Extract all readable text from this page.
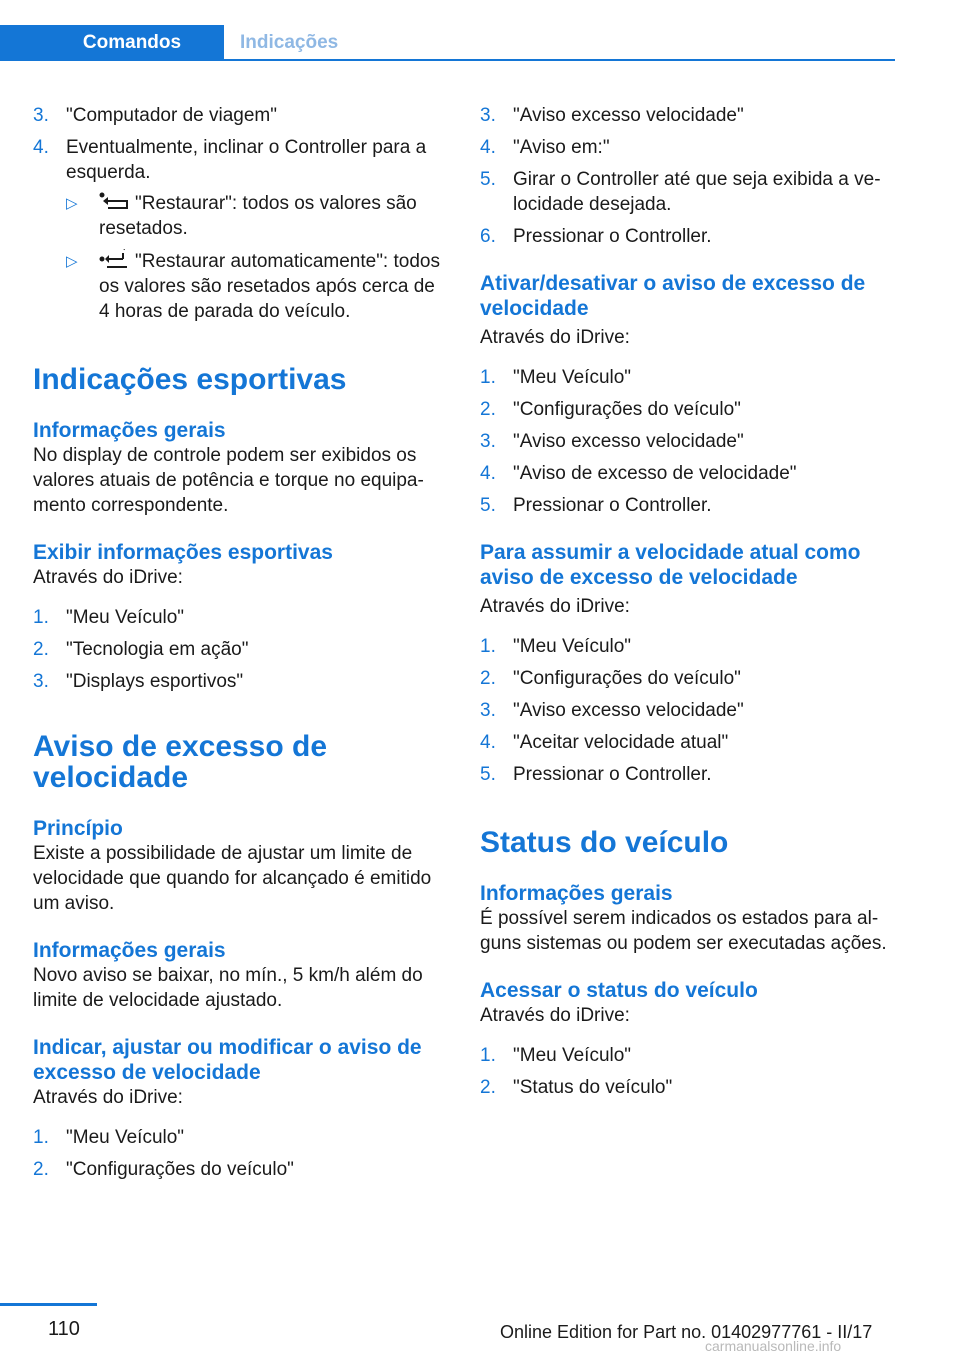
Comandos	Indicações
3. "Computador de viagem"
4. Eventualmente, inclinar o Controller para a esquerda.
▷	"Restaurar": todos os valores são resetados.
▷	"Restaurar automaticamente": todos os valores são resetados após cerca de 4 horas de parada do veículo.
Indicações esportivas
Informações gerais

No display de controle podem ser exibidos os valores atuais de potência e torque no equipamento correspondente.

Exibir informações esportivas

Através do iDrive:

1. "Meu Veículo"
2. "Tecnologia em ação"
3. "Displays esportivos"
Aviso de excesso de velocidade
Princípio

Existe a possibilidade de ajustar um limite de velocidade que quando for alcançado é emitido um aviso.

Informações gerais

Novo aviso se baixar, no mín., 5 km/h além do limite de velocidade ajustado.

Indicar, ajustar ou modificar o aviso de excesso de velocidade

Através do iDrive:

1. "Meu Veículo"
2. "Configurações do veículo"
3. "Aviso excesso velocidade"
4. "Aviso em:"
5. Girar o Controller até que seja exibida a velocidade desejada.
6. Pressionar o Controller.
Ativar/desativar o aviso de excesso de velocidade

Através do iDrive:

1. "Meu Veículo"
2. "Configurações do veículo"
3. "Aviso excesso velocidade"
4. "Aviso de excesso de velocidade"
5. Pressionar o Controller.
Para assumir a velocidade atual como aviso de excesso de velocidade

Através do iDrive:

1. "Meu Veículo"
2. "Configurações do veículo"
3. "Aviso excesso velocidade"
4. "Aceitar velocidade atual"
5. Pressionar o Controller.
Status do veículo
Informações gerais

É possível serem indicados os estados para alguns sistemas ou podem ser executadas ações.

Acessar o status do veículo

Através do iDrive:

1. "Meu Veículo"
2. "Status do veículo"
110	Online Edition for Part no. 01402977761 - II/17
carmanualsonline.info
